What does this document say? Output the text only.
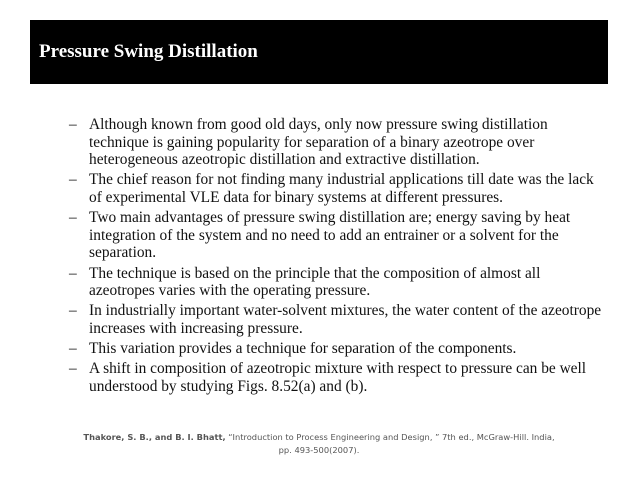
Pressure Swing Distillation
– Although known from good old days, only now pressure swing distillation technique is gaining popularity for separation of a binary azeotrope over heterogeneous azeotropic distillation and extractive distillation.
– The chief reason for not finding many industrial applications till date was the lack of experimental VLE data for binary systems at different pressures.
– Two main advantages of pressure swing distillation are; energy saving by heat integration of the system and no need to add an entrainer or a solvent for the separation.
– The technique is based on the principle that the composition of almost all azeotropes varies with the operating pressure.
– In industrially important water-solvent mixtures, the water content of the azeotrope increases with increasing pressure.
– This variation provides a technique for separation of the components.
– A shift in composition of azeotropic mixture with respect to pressure can be well understood by studying Figs. 8.52(a) and (b).
Thakore, S. B., and B. I. Bhatt, “Introduction to Process Engineering and Design, ” 7th ed., McGraw-Hill. India, pp. 493-500(2007).
